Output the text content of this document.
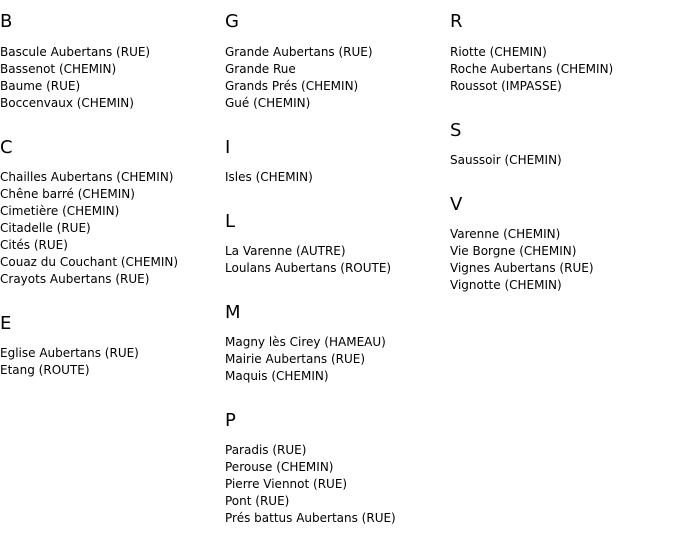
B
Bascule Aubertans (RUE)
Bassenot (CHEMIN)
Baume (RUE)
Boccenvaux (CHEMIN)
C
Chailles Aubertans (CHEMIN)
Chêne barré (CHEMIN)
Cimetière (CHEMIN)
Citadelle (RUE)
Cités (RUE)
Couaz du Couchant (CHEMIN)
Crayots Aubertans (RUE)
E
Eglise Aubertans (RUE)
Etang (ROUTE)
G
Grande Aubertans (RUE)
Grande Rue
Grands Prés (CHEMIN)
Gué (CHEMIN)
I
Isles (CHEMIN)
L
La Varenne (AUTRE)
Loulans Aubertans (ROUTE)
M
Magny lès Cirey (HAMEAU)
Mairie Aubertans (RUE)
Maquis (CHEMIN)
P
Paradis (RUE)
Perouse (CHEMIN)
Pierre Viennot (RUE)
Pont (RUE)
Prés battus Aubertans (RUE)
R
Riotte (CHEMIN)
Roche Aubertans (CHEMIN)
Roussot (IMPASSE)
S
Saussoir (CHEMIN)
V
Varenne (CHEMIN)
Vie Borgne (CHEMIN)
Vignes Aubertans (RUE)
Vignotte (CHEMIN)
